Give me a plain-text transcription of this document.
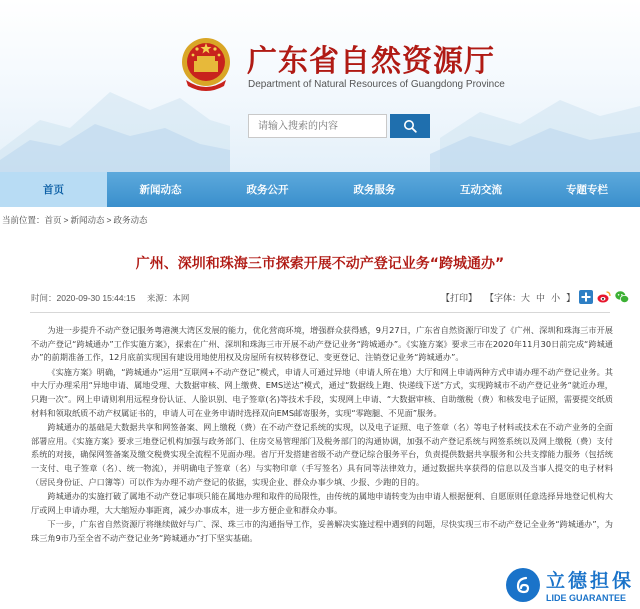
广东省自然资源厅
Department of Natural Resources of Guangdong Province
请输入搜索的内容
首页	新闻动态	政务公开	政务服务	互动交流	专题专栏
当前位置：首页 > 新闻动态 > 政务动态
广州、深圳和珠海三市探索开展不动产登记业务“跨城通办”
时间：2020-09-30 15:44:15 来源：本网	【打印】 【字体： 大 中 小 】

为进一步提升不动产登记服务粤港澳大湾区发展的能力，优化营商环境，增强群众获得感，9月27日，广东省自然资源厅印发了《广州、深圳和珠海三市开展不动产登记“跨城通办”工作实施方案》，探索在广州、深圳和珠海三市开展不动产登记业务“跨城通办”。《实施方案》要求三市在2020年11月30日前完成“跨城通办”的前期准备工作，12月底前实现国有建设用地使用权及房屋所有权转移登记、变更登记、注销登记业务“跨城通办”。

《实施方案》明确，“跨城通办”运用“互联网+不动产登记”模式，申请人可通过异地（申请人所在地）大厅和网上申请两种方式申请办理不动产登记业务。其中大厅办理采用“异地申请、属地受理、大数据审核、网上缴费、EMS送达”模式，通过“数据线上跑、快递线下送”方式，实现跨城市不动产登记业务“就近办理，只跑一次”。网上申请则利用远程身份认证、人脸识别、电子签章(名)等技术手段，实现网上申请、“大数据审核、自助缴税（费）和核发电子证照，需要提交纸质材料和领取纸质不动产权属证书的，申请人可在业务申请时选择双向EMS邮寄服务，实现“零跑腿、不见面”服务。

跨城通办的基础是大数据共享和网签备案、网上缴税（费）在不动产登记系统的实现，以及电子证照、电子签章（名）等电子材料或技术在不动产业务的全面部署应用。《实施方案》要求三地登记机构加强与政务部门、住房交易管理部门及税务部门的沟通协调，加强不动产登记系统与网签系统以及网上缴税（费）支付系统的对接，确保网签备案及缴交税费实现全流程不见面办理。省厅开发搭建省级不动产登记综合服务平台，负责提供数据共享服务和公共支撑能力服务（包括统一支付、电子签章（名）、统一物流），并明确电子签章（名）与实物印章（手写签名）具有同等法律效力，通过数据共享获得的信息以及当事人提交的电子材料（居民身份证、户口簿等）可以作为办理不动产登记的依据，实现企业、群众办事少填、少报、少跑的目的。

跨城通办的实施打破了属地不动产登记事项只能在属地办理和取件的局限性，由传统的属地申请转变为由申请人根据便利、自愿原则任意选择异地登记机构大厅或网上申请办理，大大缩短办事距离，减少办事成本，进一步方便企业和群众办事。

下一步，广东省自然资源厅将继续做好与广、深、珠三市的沟通指导工作，妥善解决实施过程中遇到的问题，尽快实现三市不动产登记全业务“跨城通办”，为珠三角9市乃至全省不动产登记业务“跨城通办”打下坚实基础。

立德担保
LIDE GUARANTEE
